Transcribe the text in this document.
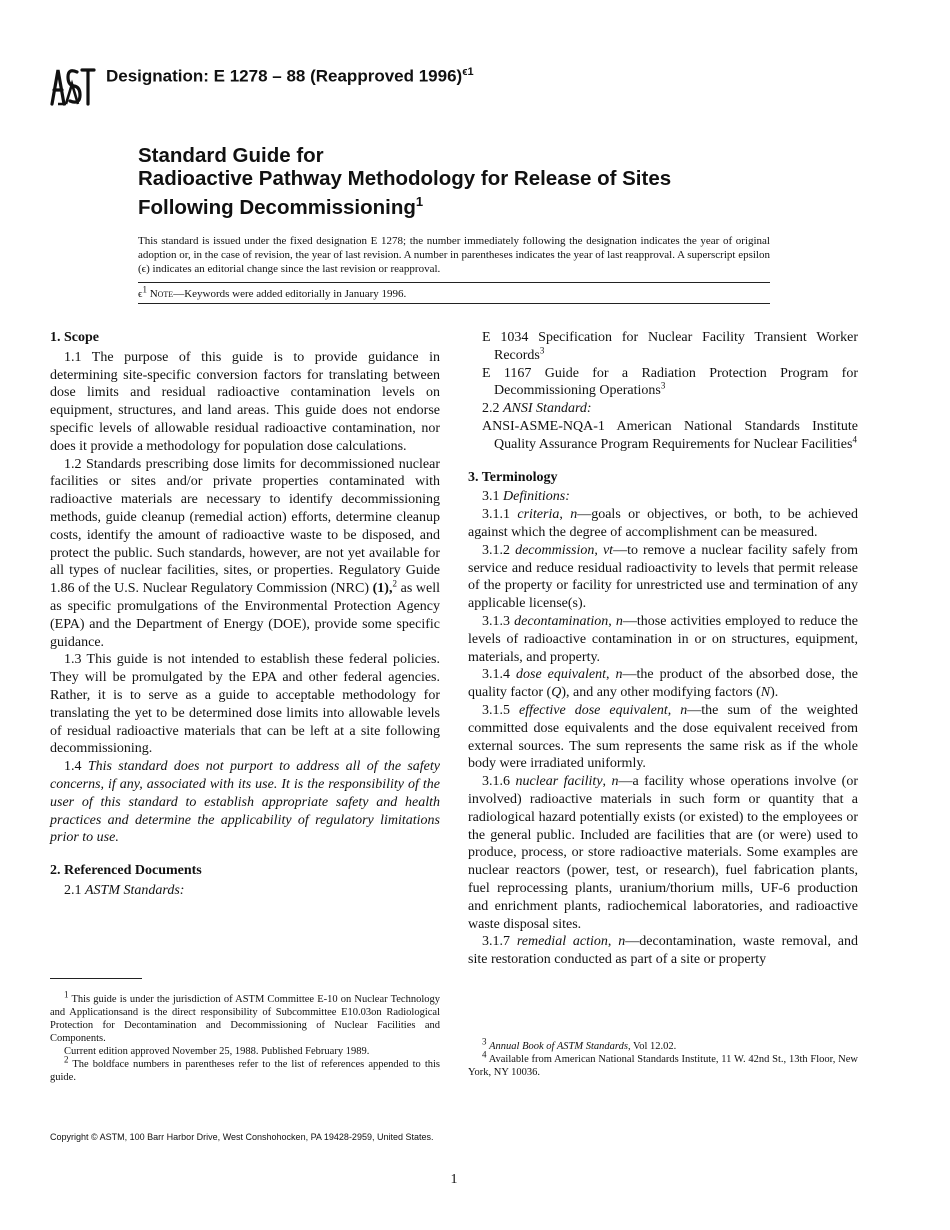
Designation: E 1278 – 88 (Reapproved 1996)$^{\epsilon 1}$
Standard Guide for
Radioactive Pathway Methodology for Release of Sites
Following Decommissioning$^1$
This standard is issued under the fixed designation E 1278; the number immediately following the designation indicates the year of original adoption or, in the case of revision, the year of last revision. A number in parentheses indicates the year of last reapproval. A superscript epsilon (ϵ) indicates an editorial change since the last revision or reapproval.
$\epsilon^1$ Note—Keywords were added editorially in January 1996.

1. Scope

1.1 The purpose of this guide is to provide guidance in determining site-specific conversion factors for translating between dose limits and residual radioactive contamination levels on equipment, structures, and land areas. This guide does not endorse specific levels of allowable residual radioactive contamination, nor does it provide a methodology for population dose calculations.

1.2 Standards prescribing dose limits for decommissioned nuclear facilities or sites and/or private properties contaminated with radioactive materials are necessary to identify decommissioning methods, guide cleanup (remedial action) efforts, determine cleanup costs, identify the amount of radioactive waste to be disposed, and protect the public. Such standards, however, are not yet available for all types of nuclear facilities, sites, or properties. Regulatory Guide 1.86 of the U.S. Nuclear Regulatory Commission (NRC) (1),$^2$ as well as specific promulgations of the Environmental Protection Agency (EPA) and the Department of Energy (DOE), provide some specific guidance.

1.3 This guide is not intended to establish these federal policies. They will be promulgated by the EPA and other federal agencies. Rather, it is to serve as a guide to acceptable methodology for translating the yet to be determined dose limits into allowable levels of residual radioactive materials that can be left at a site following decommissioning.

1.4 This standard does not purport to address all of the safety concerns, if any, associated with its use. It is the responsibility of the user of this standard to establish appropriate safety and health practices and determine the applicability of regulatory limitations prior to use.

2. Referenced Documents

2.1 ASTM Standards:

E 1034 Specification for Nuclear Facility Transient Worker Records$^3$

E 1167 Guide for a Radiation Protection Program for Decommissioning Operations$^3$

2.2 ANSI Standard:

ANSI-ASME-NQA-1 American National Standards Institute Quality Assurance Program Requirements for Nuclear Facilities$^4$

3. Terminology

3.1 Definitions:

3.1.1 criteria, n—goals or objectives, or both, to be achieved against which the degree of accomplishment can be measured.

3.1.2 decommission, vt—to remove a nuclear facility safely from service and reduce residual radioactivity to levels that permit release of the property or facility for unrestricted use and termination of any applicable license(s).

3.1.3 decontamination, n—those activities employed to reduce the levels of radioactive contamination in or on structures, equipment, materials, and property.

3.1.4 dose equivalent, n—the product of the absorbed dose, the quality factor (Q), and any other modifying factors (N).

3.1.5 effective dose equivalent, n—the sum of the weighted committed dose equivalents and the dose equivalent received from external sources. The sum represents the same risk as if the whole body were irradiated uniformly.

3.1.6 nuclear facility, n—a facility whose operations involve (or involved) radioactive materials in such form or quantity that a radiological hazard potentially exists (or existed) to the employees or the general public. Included are facilities that are (or were) used to produce, process, or store radioactive materials. Some examples are nuclear reactors (power, test, or research), fuel fabrication plants, fuel reprocessing plants, uranium/thorium mills, UF-6 production and enrichment plants, radiochemical laboratories, and radioactive waste disposal sites.

3.1.7 remedial action, n—decontamination, waste removal, and site restoration conducted as part of a site or property

1 This guide is under the jurisdiction of ASTM Committee E-10 on Nuclear Technology and Applicationsand is the direct responsibility of Subcommittee E10.03on Radiological Protection for Decontamination and Decommissioning of Nuclear Facilities and Components.

Current edition approved November 25, 1988. Published February 1989.

2 The boldface numbers in parentheses refer to the list of references appended to this guide.

3 Annual Book of ASTM Standards, Vol 12.02.

4 Available from American National Standards Institute, 11 W. 42nd St., 13th Floor, New York, NY 10036.

Copyright © ASTM, 100 Barr Harbor Drive, West Conshohocken, PA 19428-2959, United States.
1
